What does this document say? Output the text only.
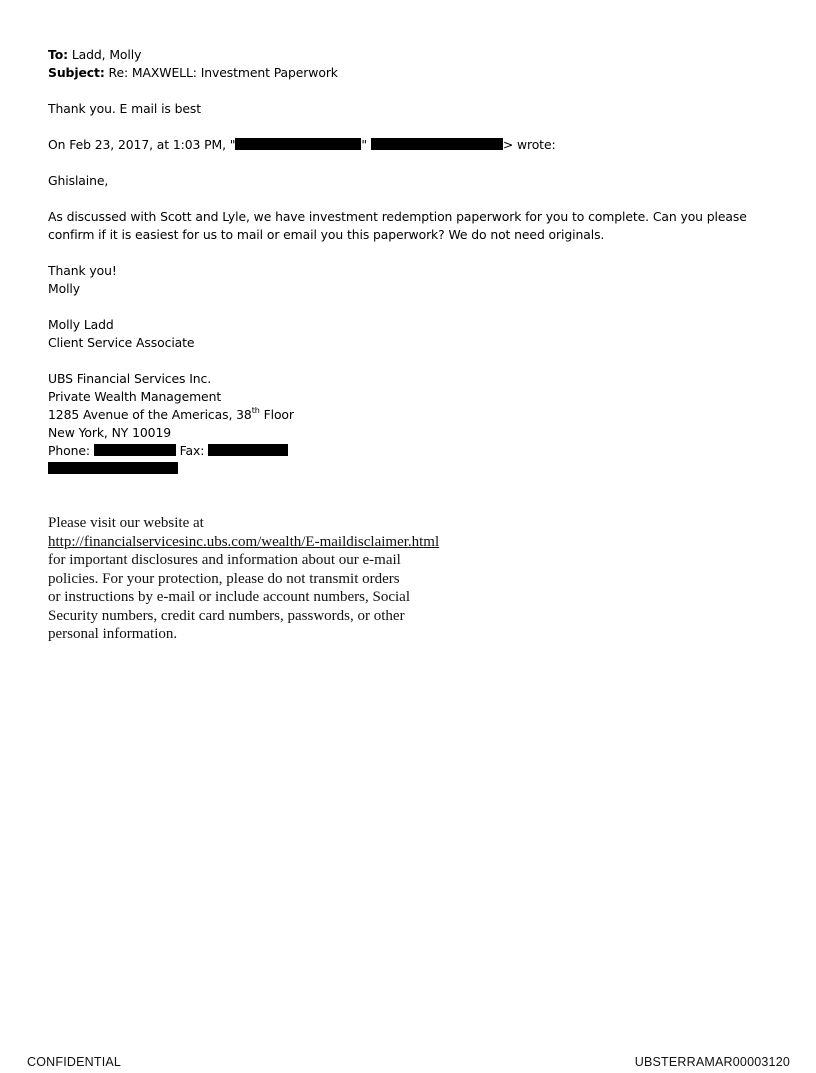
To: Ladd, Molly
Subject: Re: MAXWELL: Investment Paperwork
Thank you. E mail is best
On Feb 23, 2017, at 1:03 PM, "	"	> wrote:
Ghislaine,
As discussed with Scott and Lyle, we have investment redemption paperwork for you to complete. Can you please confirm if it is easiest for us to mail or email you this paperwork? We do not need originals.
Thank you!
Molly
Molly Ladd
Client Service Associate
UBS Financial Services Inc.
Private Wealth Management
1285 Avenue of the Americas, 38th Floor
New York, NY 10019
Phone:	Fax:
Please visit our website at
http://financialservicesinc.ubs.com/wealth/E-maildisclaimer.html
for important disclosures and information about our e-mail
policies. For your protection, please do not transmit orders
or instructions by e-mail or include account numbers, Social
Security numbers, credit card numbers, passwords, or other
personal information.
CONFIDENTIAL	UBSTERRAMAR00003120
